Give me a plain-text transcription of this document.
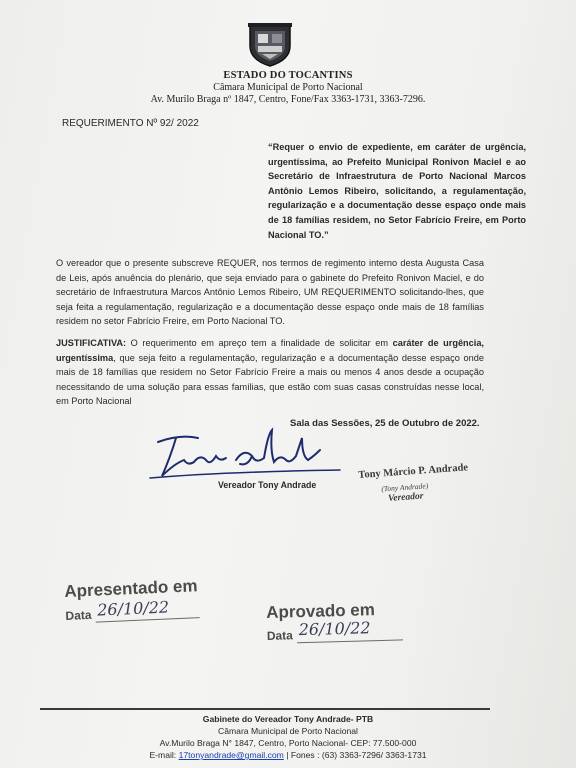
ESTADO DO TOCANTINS
Câmara Municipal de Porto Nacional
Av. Murilo Braga nº 1847, Centro, Fone/Fax 3363-1731, 3363-7296.
REQUERIMENTO Nº 92/ 2022
“Requer o envio de expediente, em caráter de urgência, urgentíssima, ao Prefeito Municipal Ronivon Maciel e ao Secretário de Infraestrutura de Porto Nacional Marcos Antônio Lemos Ribeiro, solicitando, a regulamentação, regularização e a documentação desse espaço onde mais de 18 famílias residem, no Setor Fabrício Freire, em Porto Nacional TO.”
O vereador que o presente subscreve REQUER, nos termos de regimento interno desta Augusta Casa de Leis, após anuência do plenário, que seja enviado para o gabinete do Prefeito Ronivon Maciel, e do secretário de Infraestrutura Marcos Antônio Lemos Ribeiro, UM REQUERIMENTO solicitando-lhes, que seja feita a regulamentação, regularização e a documentação desse espaço onde mais de 18 famílias residem no setor Fabrício Freire, em Porto Nacional TO.
JUSTIFICATIVA: O requerimento em apreço tem a finalidade de solicitar em caráter de urgência, urgentíssima, que seja feito a regulamentação, regularização e a documentação desse espaço onde mais de 18 famílias que residem no Setor Fabrício Freire a mais ou menos 4 anos desde a ocupação necessitando de uma solução para essas famílias, que estão com suas casas construídas nesse local, em Porto Nacional
Sala das Sessões, 25 de Outubro de 2022.
Vereador Tony Andrade
Tony Márcio P. Andrade
(Tony Andrade)
Vereador
Apresentado em
Data 26/10/22	Aprovado em
Data 26/10/22
Gabinete do Vereador Tony Andrade- PTB
Câmara Municipal de Porto Nacional
Av.Murilo Braga N° 1847, Centro, Porto Nacional- CEP: 77.500-000
E-mail: 17tonyandrade@gmail.com | Fones : (63) 3363-7296/ 3363-1731
